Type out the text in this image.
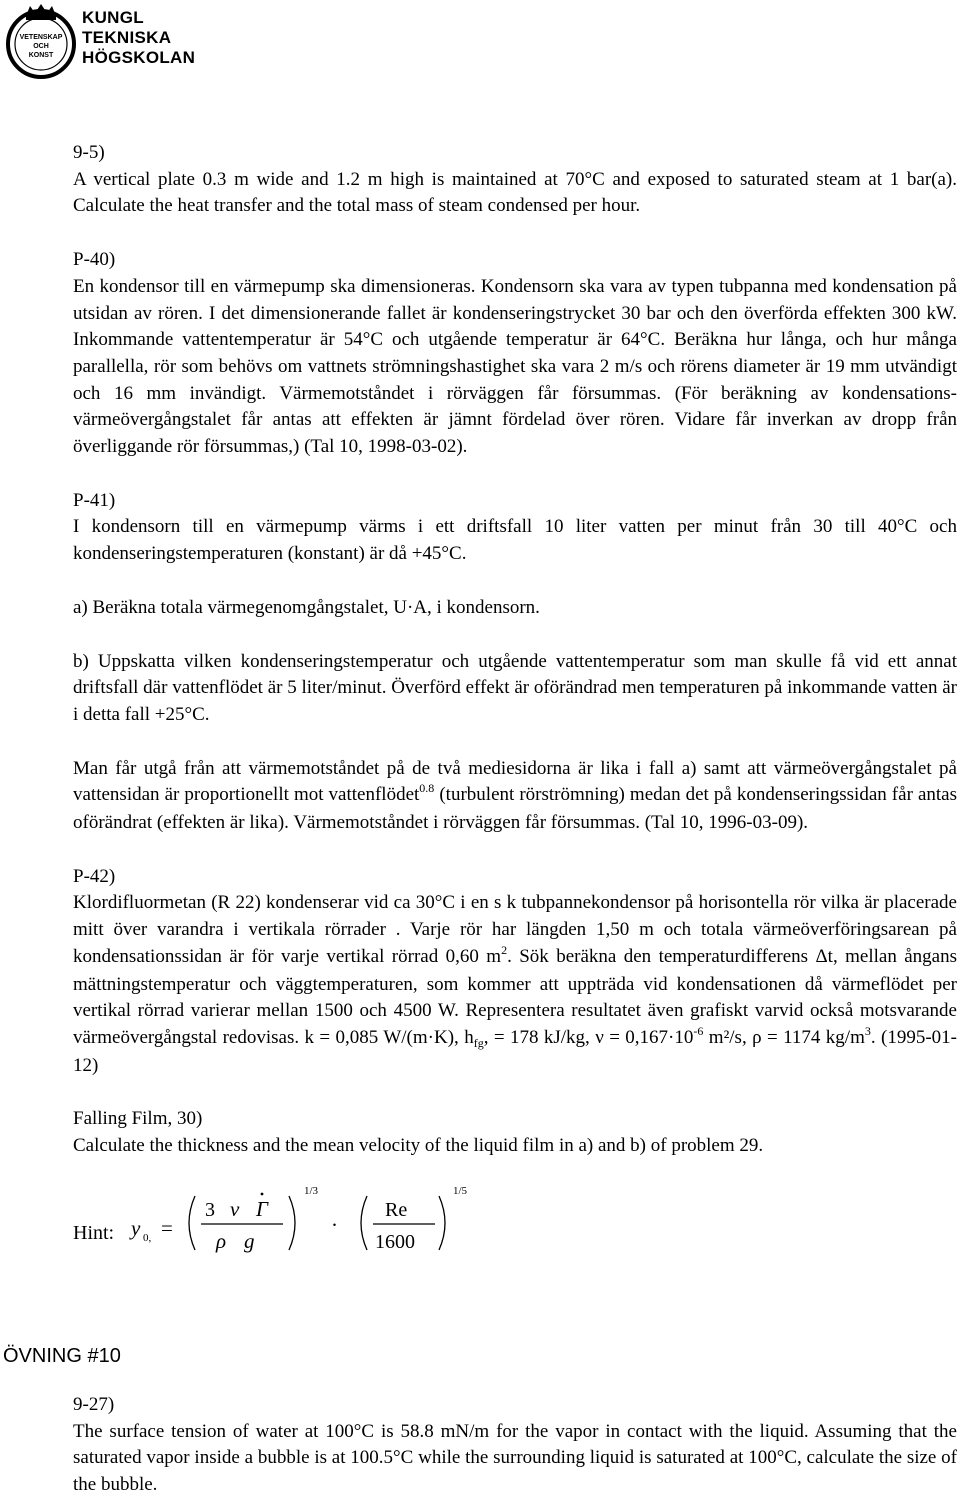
VETENSKAP
OCH
KONST
KUNGL
TEKNISKA
HÖGSKOLAN

9-5)

A vertical plate 0.3 m wide and 1.2 m high is maintained at 70°C and exposed to saturated steam at 1 bar(a). Calculate the heat transfer and the total mass of steam condensed per hour.

P-40)

En kondensor till en värmepump ska dimensioneras. Kondensorn ska vara av typen tubpanna med kondensation på utsidan av rören. I det dimensionerande fallet är kondenseringstrycket 30 bar och den överförda effekten 300 kW. Inkommande vattentemperatur är 54°C och utgående temperatur är 64°C. Beräkna hur långa, och hur många parallella, rör som behövs om vattnets strömningshastighet ska vara 2 m/s och rörens diameter är 19 mm utvändigt och 16 mm invändigt. Värmemotståndet i rörväggen får försummas. (För beräkning av kondensations-värmeövergångstalet får antas att effekten är jämnt fördelad över rören. Vidare får inverkan av dropp från överliggande rör försummas,) (Tal 10, 1998-03-02).

P-41)

I kondensorn till en värmepump värms i ett driftsfall 10 liter vatten per minut från 30 till 40°C och kondenseringstemperaturen (konstant) är då +45°C.

a) Beräkna totala värmegenomgångstalet, U·A, i kondensorn.

b) Uppskatta vilken kondenseringstemperatur och utgående vattentemperatur som man skulle få vid ett annat driftsfall där vattenflödet är 5 liter/minut. Överförd effekt är oförändrad men temperaturen på inkommande vatten är i detta fall +25°C.

Man får utgå från att värmemotståndet på de två mediesidorna är lika i fall a) samt att värmeövergångstalet på vattensidan är proportionellt mot vattenflödet$^{0.8}$ (turbulent rörströmning) medan det på kondenseringssidan får antas oförändrat (effekten är lika). Värmemotståndet i rörväggen får försummas. (Tal 10, 1996-03-09).

P-42)

Klordifluormetan (R 22) kondenserar vid ca 30°C i en s k tubpannekondensor på horisontella rör vilka är placerade mitt över varandra i vertikala rörrader . Varje rör har längden 1,50 m och totala värmeöverföringsarean på kondensationssidan är för varje vertikal rörrad 0,60 $m^2$. Sök beräkna den temperaturdifferens Δt, mellan ångans mättningstemperatur och väggtemperaturen, som kommer att uppträda vid kondensationen då värmeflödet per vertikal rörrad varierar mellan 1500 och 4500 W. Representera resultatet även grafiskt varvid också motsvarande värmeövergångstal redovisas. k = 0,085 W/(m·K), $h_{fg}$, = 178 kJ/kg, $\nu = 0,167\cdot 10^{-6}$ m²/s, ρ = 1174 $kg/m^3$. (1995-01-12)

Falling Film, 30)

Calculate the thickness and the mean velocity of the liquid film in a) and b) of problem 29.

Hint: y 0, =
3 ν Γ
ρ g
1/3
·
Re
1600
1/5
ÖVNING #10

9-27)

The surface tension of water at 100°C is 58.8 mN/m for the vapor in contact with the liquid. Assuming that the saturated vapor inside a bubble is at 100.5°C while the surrounding liquid is saturated at 100°C, calculate the size of the bubble.
